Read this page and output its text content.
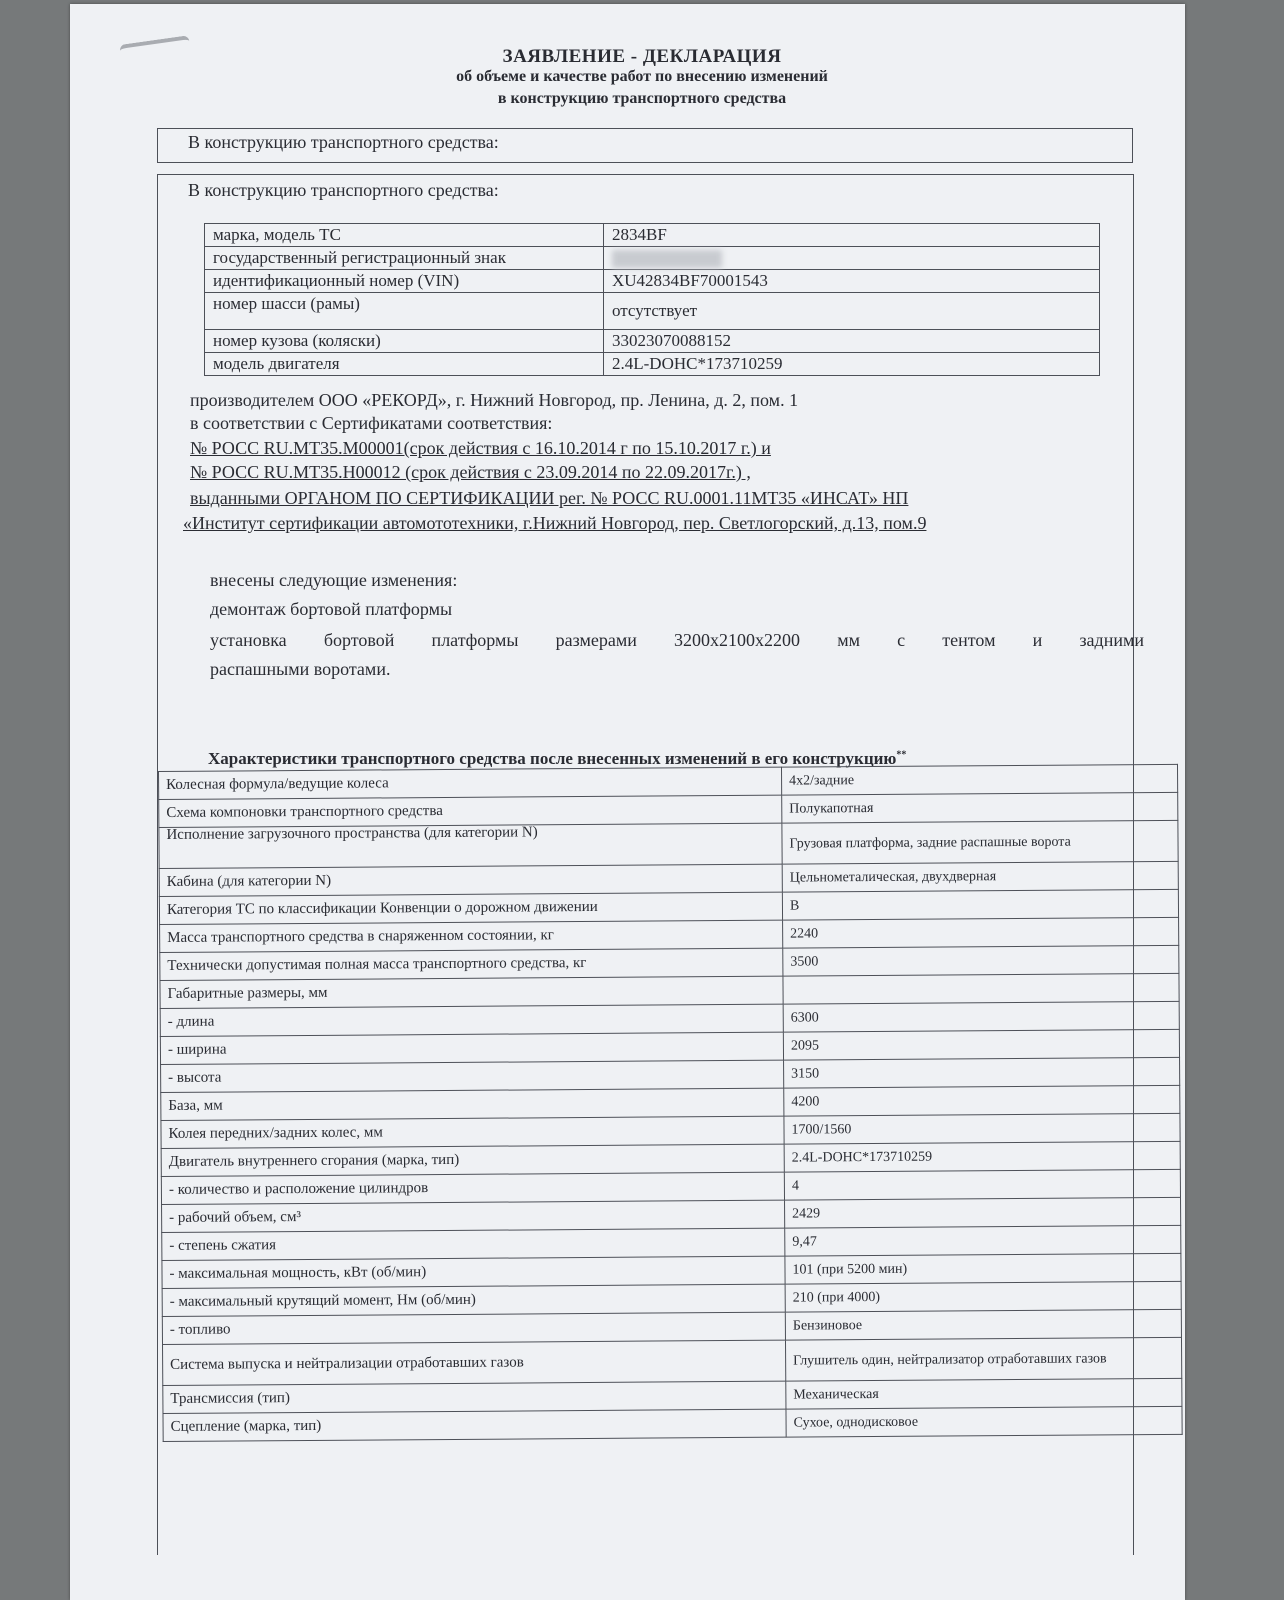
ЗАЯВЛЕНИЕ - ДЕКЛАРАЦИЯ
об объеме и качестве работ по внесению изменений
в конструкцию транспортного средства
В конструкцию транспортного средства:
В конструкцию транспортного средства:
марка, модель ТС	2834BF
государственный регистрационный знак	
идентификационный номер (VIN)	XU42834BF70001543
номер шасси (рамы)	отсутствует
номер кузова (коляски)	33023070088152
модель двигателя	2.4L-DOHC*173710259
производителем ООО «РЕКОРД», г. Нижний Новгород, пр. Ленина, д. 2, пом. 1
в соответствии с Сертификатами соответствия:
№ РОСС RU.MT35.M00001(срок действия с 16.10.2014 г по 15.10.2017 г.) и
№ РОСС RU.MT35.H00012 (срок действия с 23.09.2014 по 22.09.2017г.) ,
выданными ОРГАНОМ ПО СЕРТИФИКАЦИИ рег. № РОСС RU.0001.11МТ35 «ИНСАТ» НП
«Институт сертификации автомототехники, г.Нижний Новгород, пер. Светлогорский, д.13, пом.9
внесены следующие изменения:
демонтаж бортовой платформы
установка бортовой платформы размерами 3200х2100х2200 мм с тентом и задними
распашными воротами.
Характеристики транспортного средства после внесенных изменений в его конструкцию**
Колесная формула/ведущие колеса	4х2/задние
Схема компоновки транспортного средства	Полукапотная
Исполнение загрузочного пространства (для категории N)	Грузовая платформа, задние распашные ворота
Кабина (для категории N)	Цельнометалическая, двухдверная
Категория ТС по классификации Конвенции о дорожном движении	В
Масса транспортного средства в снаряженном состоянии, кг	2240
Технически допустимая полная масса транспортного средства, кг	3500
Габаритные размеры, мм	
- длина	6300
- ширина	2095
- высота	3150
База, мм	4200
Колея передних/задних колес, мм	1700/1560
Двигатель внутреннего сгорания (марка, тип)	2.4L-DOHC*173710259
- количество и расположение цилиндров	4
- рабочий объем, см³	2429
- степень сжатия	9,47
- максимальная мощность, кВт (об/мин)	101 (при 5200 мин)
- максимальный крутящий момент, Нм (об/мин)	210 (при 4000)
- топливо	Бензиновое
Система выпуска и нейтрализации отработавших газов	Глушитель один, нейтрализатор отработавших газов
Трансмиссия (тип)	Механическая
Сцепление (марка, тип)	Сухое, однодисковое
